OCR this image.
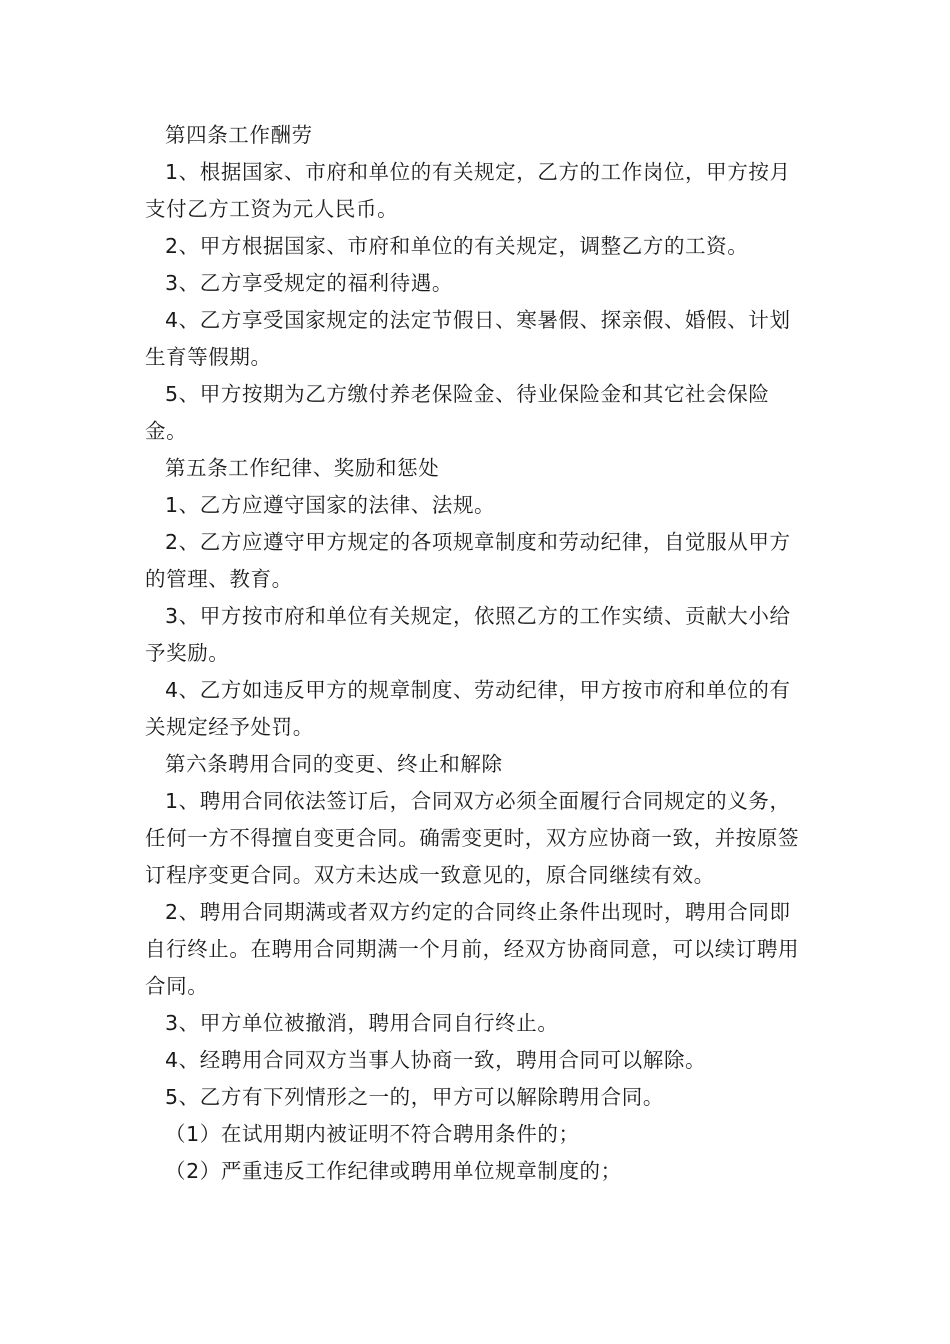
第四条工作酬劳

1、根据国家、市府和单位的有关规定，乙方的工作岗位，甲方按月支付乙方工资为元人民币。

2、甲方根据国家、市府和单位的有关规定，调整乙方的工资。

3、乙方享受规定的福利待遇。

4、乙方享受国家规定的法定节假日、寒暑假、探亲假、婚假、计划生育等假期。

5、甲方按期为乙方缴付养老保险金、待业保险金和其它社会保险金。

第五条工作纪律、奖励和惩处

1、乙方应遵守国家的法律、法规。

2、乙方应遵守甲方规定的各项规章制度和劳动纪律，自觉服从甲方的管理、教育。

3、甲方按市府和单位有关规定，依照乙方的工作实绩、贡献大小给予奖励。

4、乙方如违反甲方的规章制度、劳动纪律，甲方按市府和单位的有关规定经予处罚。

第六条聘用合同的变更、终止和解除

1、聘用合同依法签订后，合同双方必须全面履行合同规定的义务，任何一方不得擅自变更合同。确需变更时，双方应协商一致，并按原签订程序变更合同。双方未达成一致意见的，原合同继续有效。

2、聘用合同期满或者双方约定的合同终止条件出现时，聘用合同即自行终止。在聘用合同期满一个月前，经双方协商同意，可以续订聘用合同。

3、甲方单位被撤消，聘用合同自行终止。

4、经聘用合同双方当事人协商一致，聘用合同可以解除。

5、乙方有下列情形之一的，甲方可以解除聘用合同。

（1）在试用期内被证明不符合聘用条件的；

（2）严重违反工作纪律或聘用单位规章制度的；
